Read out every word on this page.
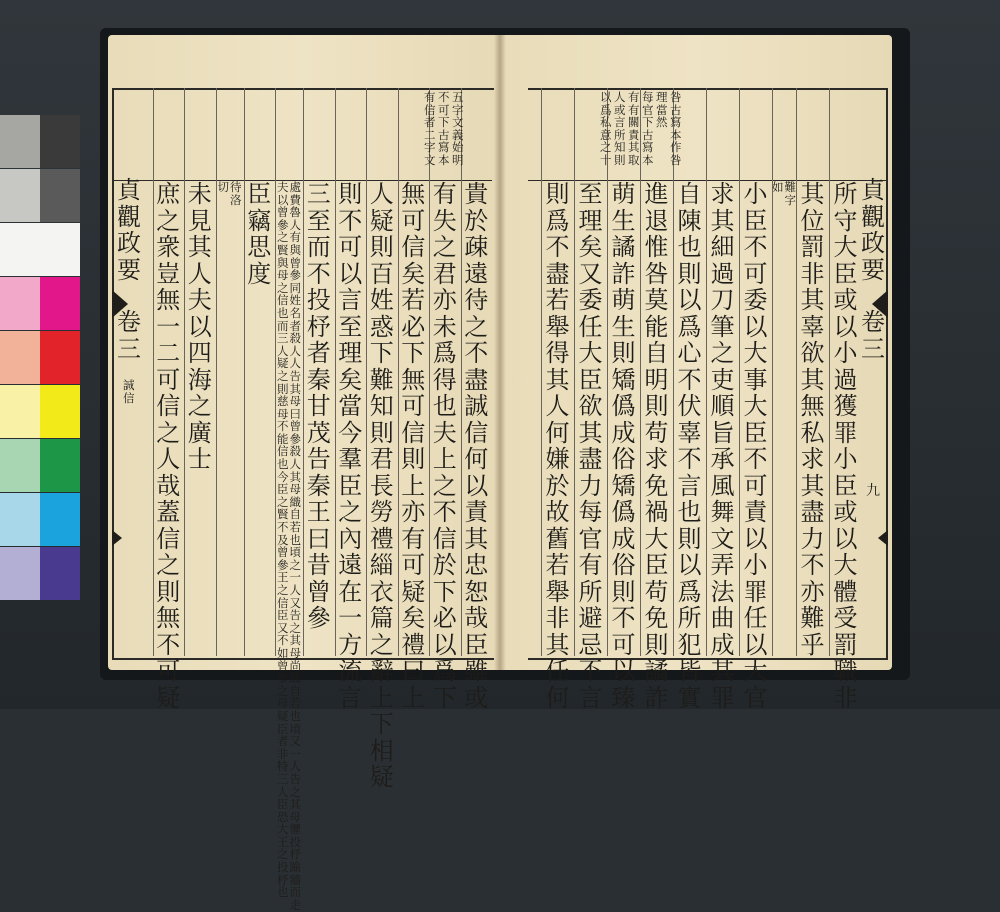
貞
觀
政
要
卷
三
誠
信
貞
觀
政
要
卷
三
九
貴
於
疎
遠
待
之
不
盡
誠
信
何
以
責
其
忠
恕
哉
臣
雖
或
有
失
之
君
亦
未
爲
得
也
夫
上
之
不
信
於
下
必
以
爲
下
無
可
信
矣
若
必
下
無
可
信
則
上
亦
有
可
疑
矣
禮
曰
上
人
疑
則
百
姓
惑
下
難
知
則
君
長
勞
禮
緇
衣
篇
之
辭
上
下
相
疑
則
不
可
以
言
至
理
矣
當
今
羣
臣
之
內
遠
在
一
方
流
言
三
至
而
不
投
杼
者
秦
甘
茂
告
秦
王
曰
昔
曾
參
處
費
魯
人
有
與
曾
參
同
姓
名
者
殺
人
人
告
其
母
曰
曾
參
殺
人
其
母
織
自
若
也
頃
之
一
人
又
告
之
其
母
尚
織
自
若
也
頃
又
一
人
告
之
其
母
懼
投
杼
踰
牆
而
走
夫
以
曾
參
之
賢
與
母
之
信
也
而
三
人
疑
之
則
慈
母
不
能
信
也
今
臣
之
賢
不
及
曾
參
王
之
信
臣
又
不
如
曾
參
之
母
疑
臣
者
非
特
三
人
臣
恐
大
王
之
投
杼
也
臣
竊
思
度
待
洛
切
未
見
其
人
夫
以
四
海
之
廣
士
庶
之
衆
豈
無
一
二
可
信
之
人
哉
蓋
信
之
則
無
不
可
疑
所
守
大
臣
或
以
小
過
獲
罪
小
臣
或
以
大
體
受
罰
職
非
其
位
罰
非
其
辜
欲
其
無
私
求
其
盡
力
不
亦
難
乎
難
字
如
小
臣
不
可
委
以
大
事
大
臣
不
可
責
以
小
罪
任
以
大
官
求
其
細
過
刀
筆
之
吏
順
旨
承
風
舞
文
弄
法
曲
成
其
罪
自
陳
也
則
以
爲
心
不
伏
辜
不
言
也
則
以
爲
所
犯
皆
實
進
退
惟
咎
莫
能
自
明
則
苟
求
免
禍
大
臣
苟
免
則
譎
詐
萌
生
譎
詐
萌
生
則
矯
僞
成
俗
矯
僞
成
俗
則
不
可
以
臻
至
理
矣
又
委
任
大
臣
欲
其
盡
力
每
官
有
所
避
忌
不
言
則
爲
不
盡
若
舉
得
其
人
何
嫌
於
故
舊
若
舉
非
其
任
何
五
字
文
義
始
明
不
可
下
古
寫
本
有
信
者
二
字
文
咎
古
寫
本
作
咎
理
當
然
每
官
下
古
寫
本
有
有
關
責
其
取
人
或
言
所
知
則
以
爲
私
意
之
十
